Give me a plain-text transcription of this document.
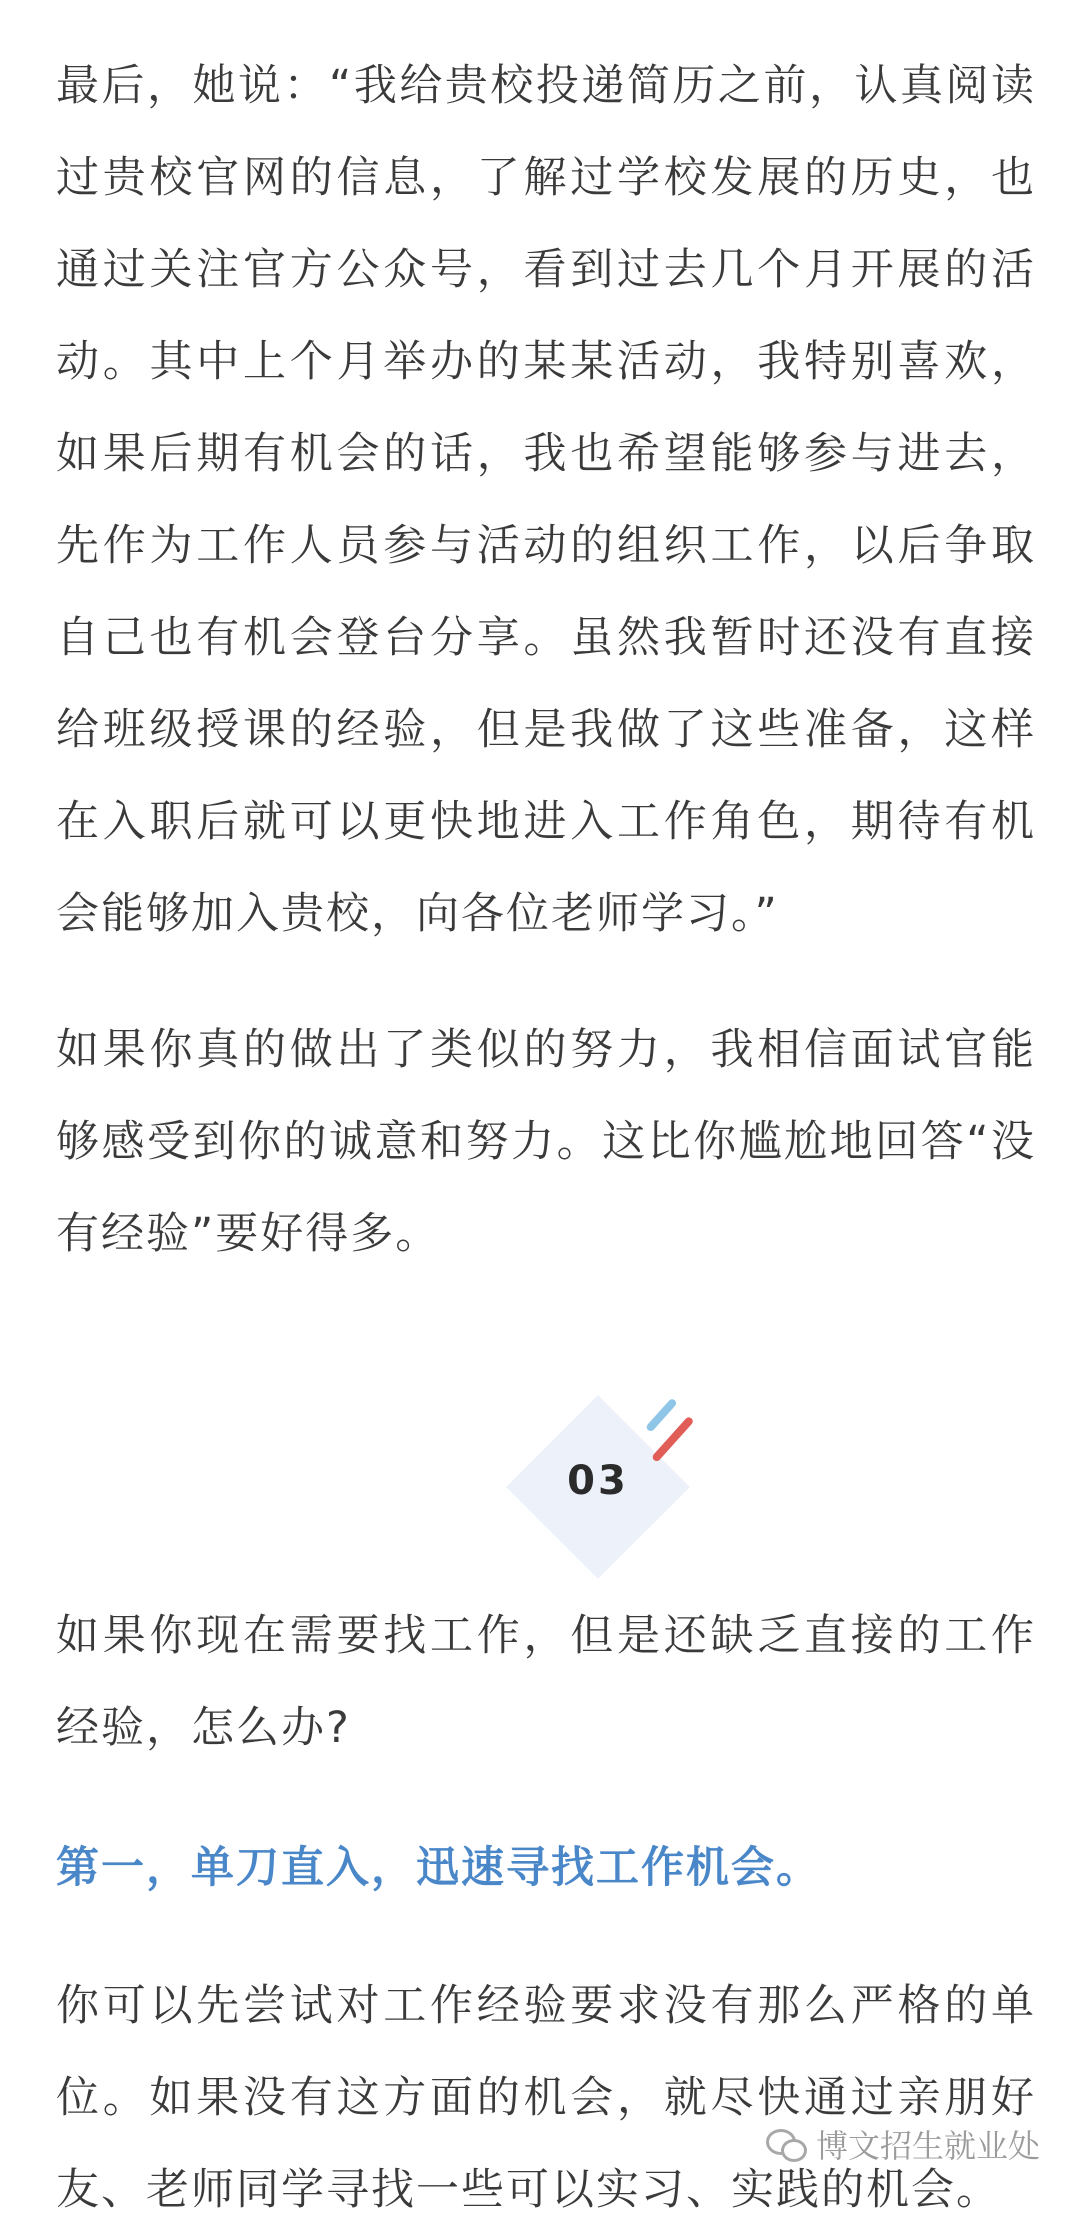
最后，她说：“我给贵校投递简历之前，认真阅读过贵校官网的信息，了解过学校发展的历史，也通过关注官方公众号，看到过去几个月开展的活动。其中上个月举办的某某活动，我特别喜欢，如果后期有机会的话，我也希望能够参与进去，先作为工作人员参与活动的组织工作，以后争取自己也有机会登台分享。虽然我暂时还没有直接给班级授课的经验，但是我做了这些准备，这样在入职后就可以更快地进入工作角色，期待有机会能够加入贵校，向各位老师学习。”

如果你真的做出了类似的努力，我相信面试官能够感受到你的诚意和努力。这比你尴尬地回答“没有经验”要好得多。

03

如果你现在需要找工作，但是还缺乏直接的工作经验，怎么办?

第一，单刀直入，迅速寻找工作机会。

你可以先尝试对工作经验要求没有那么严格的单位。如果没有这方面的机会，就尽快通过亲朋好友、老师同学寻找一些可以实习、实践的机会。

博文招生就业处
